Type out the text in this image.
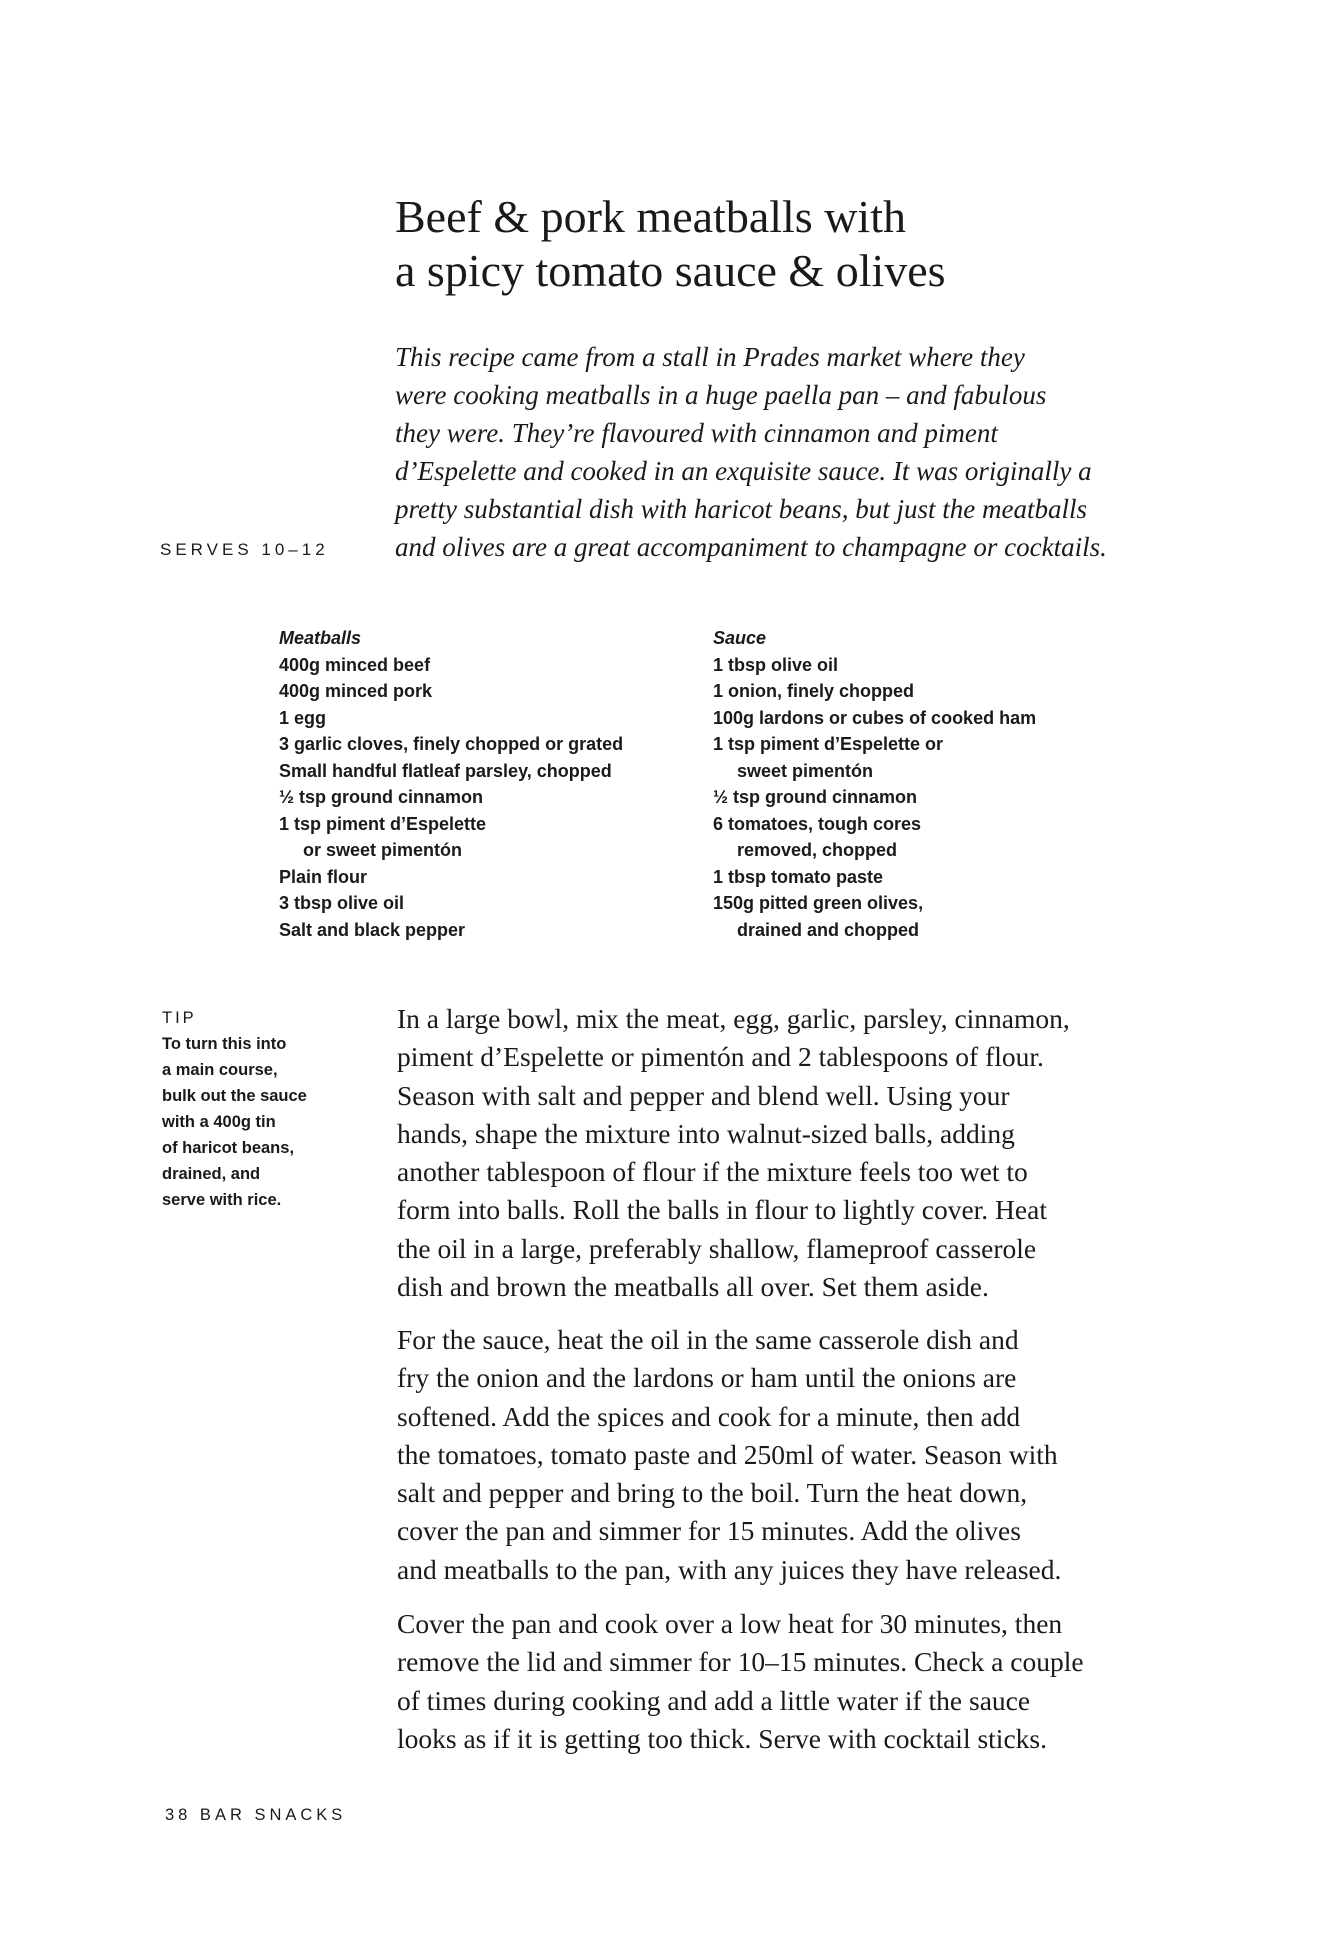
Beef & pork meatballs with
a spicy tomato sauce & olives

This recipe came from a stall in Prades market where they
were cooking meatballs in a huge paella pan – and fabulous
they were. They’re flavoured with cinnamon and piment
d’Espelette and cooked in an exquisite sauce. It was originally a
pretty substantial dish with haricot beans, but just the meatballs
and olives are a great accompaniment to champagne or cocktails.

SERVES 10–12
Meatballs
400g minced beef
400g minced pork
1 egg
3 garlic cloves, finely chopped or grated
Small handful flatleaf parsley, chopped
½ tsp ground cinnamon
1 tsp piment d’Espelette
or sweet pimentón
Plain flour
3 tbsp olive oil
Salt and black pepper
Sauce
1 tbsp olive oil
1 onion, finely chopped
100g lardons or cubes of cooked ham
1 tsp piment d’Espelette or
sweet pimentón
½ tsp ground cinnamon
6 tomatoes, tough cores
removed, chopped
1 tbsp tomato paste
150g pitted green olives,
drained and chopped
TIP
To turn this into
a main course,
bulk out the sauce
with a 400g tin
of haricot beans,
drained, and
serve with rice.

In a large bowl, mix the meat, egg, garlic, parsley, cinnamon,
piment d’Espelette or pimentón and 2 tablespoons of flour.
Season with salt and pepper and blend well. Using your
hands, shape the mixture into walnut-sized balls, adding
another tablespoon of flour if the mixture feels too wet to
form into balls. Roll the balls in flour to lightly cover. Heat
the oil in a large, preferably shallow, flameproof casserole
dish and brown the meatballs all over. Set them aside.

For the sauce, heat the oil in the same casserole dish and
fry the onion and the lardons or ham until the onions are
softened. Add the spices and cook for a minute, then add
the tomatoes, tomato paste and 250ml of water. Season with
salt and pepper and bring to the boil. Turn the heat down,
cover the pan and simmer for 15 minutes. Add the olives
and meatballs to the pan, with any juices they have released.

Cover the pan and cook over a low heat for 30 minutes, then
remove the lid and simmer for 10–15 minutes. Check a couple
of times during cooking and add a little water if the sauce
looks as if it is getting too thick. Serve with cocktail sticks.

38 BAR SNACKS
